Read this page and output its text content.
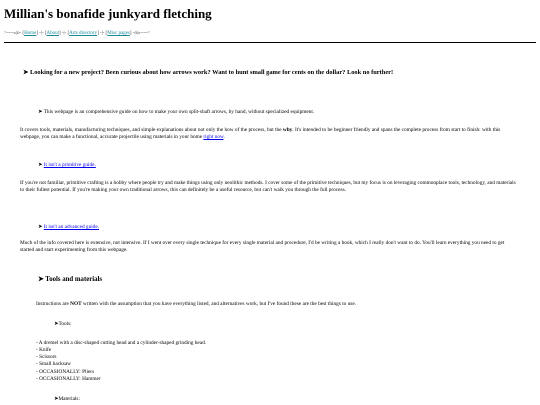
Millian's bonafide junkyard fletching
>----»|o- [Home] -|- [About] -|- [Arts directory] -|- [Misc pages] -o|»----<
➤ Looking for a new project? Been curious about how arrows work? Want to hunt small game for cents on the dollar? Look no further!
➤ This webpage is an comprehensive guide on how to make your own split-shaft arrows, by hand, without specialized equipment.
It covers tools, materials, manufacturing techniques, and simple explanations about not only the how of the process, but the why. It's intended to be beginner friendly and spans the complete process from start to finish: with this webpage, you can make a functional, accurate projectile using materials in your home right now.
➤ It isn't a primitive guide.
If you're not familiar, primitive crafting is a hobby where people try and make things using only neolithic methods. I cover some of the primitive techniques, but my focus is on leveraging commonplace tools, technology, and materials to their fullest potential. If you're making your own traditional arrows, this can definitely be a useful resource, but can't walk you through the full process.
➤ It isn't an advanced guide.
Much of the info covered here is extensive, not intensive. If I went over every single technique for every single material and procedure, I'd be writing a book, which I really don't want to do. You'll learn everything you need to get started and start experimenting from this webpage.
➤ Tools and materials
Instructions are NOT written with the assumption that you have everything listed, and alternatives work, but I've found these are the best things to use.
➤Tools:
- A dremel with a disc-shaped cutting head and a cylinder-shaped grinding head.
- Knife
- Scissors
- Small hacksaw
- OCCASIONALLY: Pliers
- OCCASIONALLY: Hammer
➤Materials:
